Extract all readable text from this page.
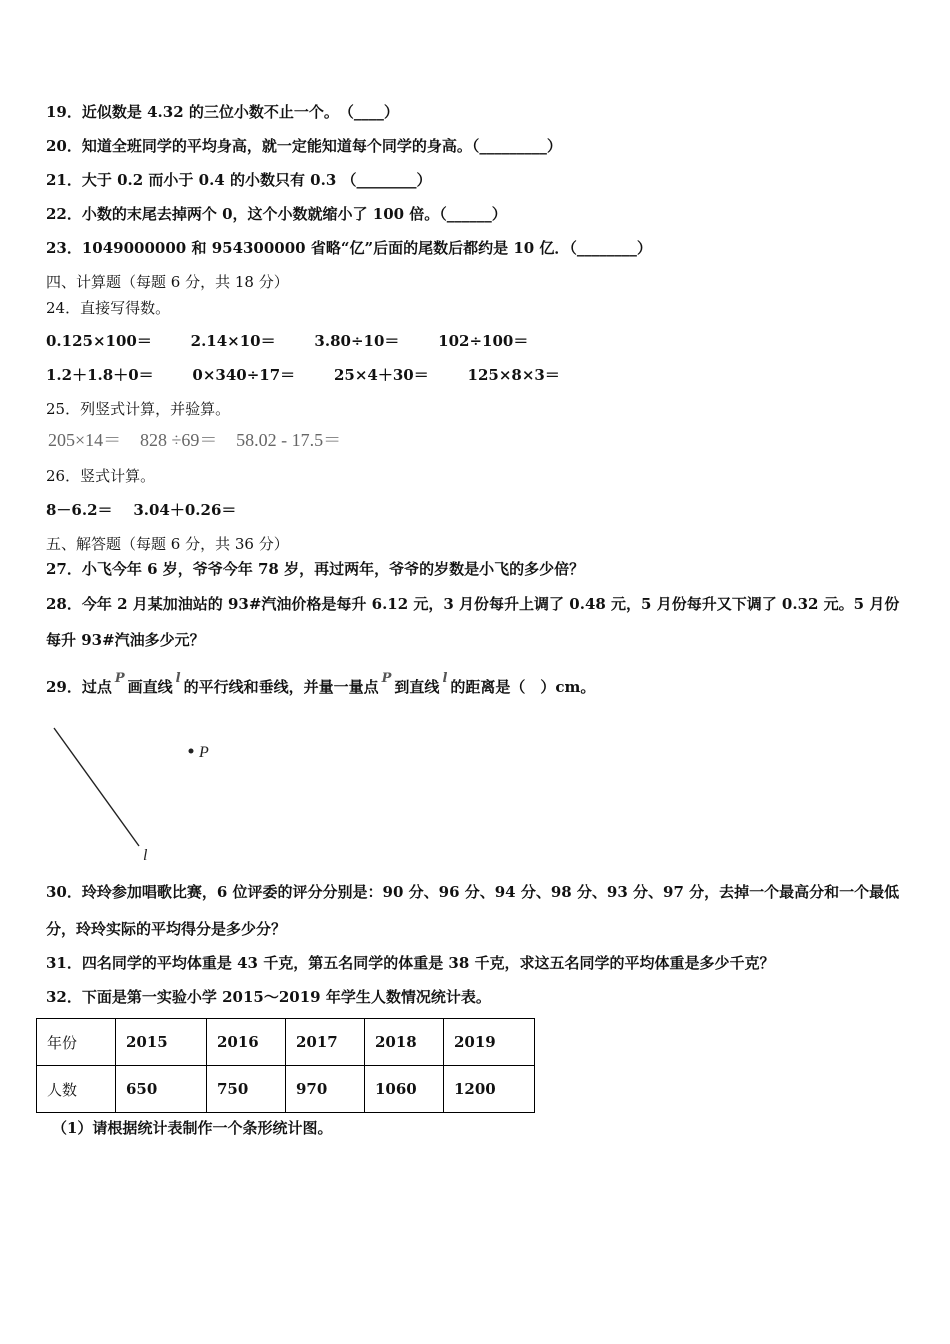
19．近似数是 4.32 的三位小数不止一个。　（____）
20．知道全班同学的平均身高，就一定能知道每个同学的身高。（_________）
21．大于 0.2 而小于 0.4 的小数只有 0.3 （________）
22．小数的末尾去掉两个 0，这个小数就缩小了 100 倍。（______）
23．1049000000 和 954300000 省略“亿”后面的尾数后都约是 10 亿．（________）
四、计算题（每题 6 分，共 18 分）
24．直接写得数。
0.125×100＝	2.14×10＝	3.80÷10＝	102÷100＝
1.2＋1.8＋0＝	0×340÷17＝	25×4＋30＝	125×8×3＝
25．列竖式计算，并验算。
205×14＝ 828 ÷69＝ 58.02 - 17.5＝
26．竖式计算。
8－6.2＝ 3.04＋0.26＝
五、解答题（每题 6 分，共 36 分）
27．小飞今年 6 岁，爷爷今年 78 岁，再过两年，爷爷的岁数是小飞的多少倍？
28．今年 2 月某加油站的 93#汽油价格是每升 6.12 元，3 月份每升上调了 0.48 元，5 月份每升又下调了 0.32 元。5 月份
每升 93#汽油多少元？
29．过点 P 画直线 l 的平行线和垂线，并量一量点 P 到直线 l 的距离是（　）cm。
P
l
30．玲玲参加唱歌比赛，6 位评委的评分分别是：90 分、96 分、94 分、98 分、93 分、97 分，去掉一个最高分和一个最低
分，玲玲实际的平均得分是多少分？
31．四名同学的平均体重是 43 千克，第五名同学的体重是 38 千克，求这五名同学的平均体重是多少千克？
32．下面是第一实验小学 2015～2019 年学生人数情况统计表。
年份	2015	2016	2017	2018	2019
人数	650	750	970	1060	1200
（1）请根据统计表制作一个条形统计图。
